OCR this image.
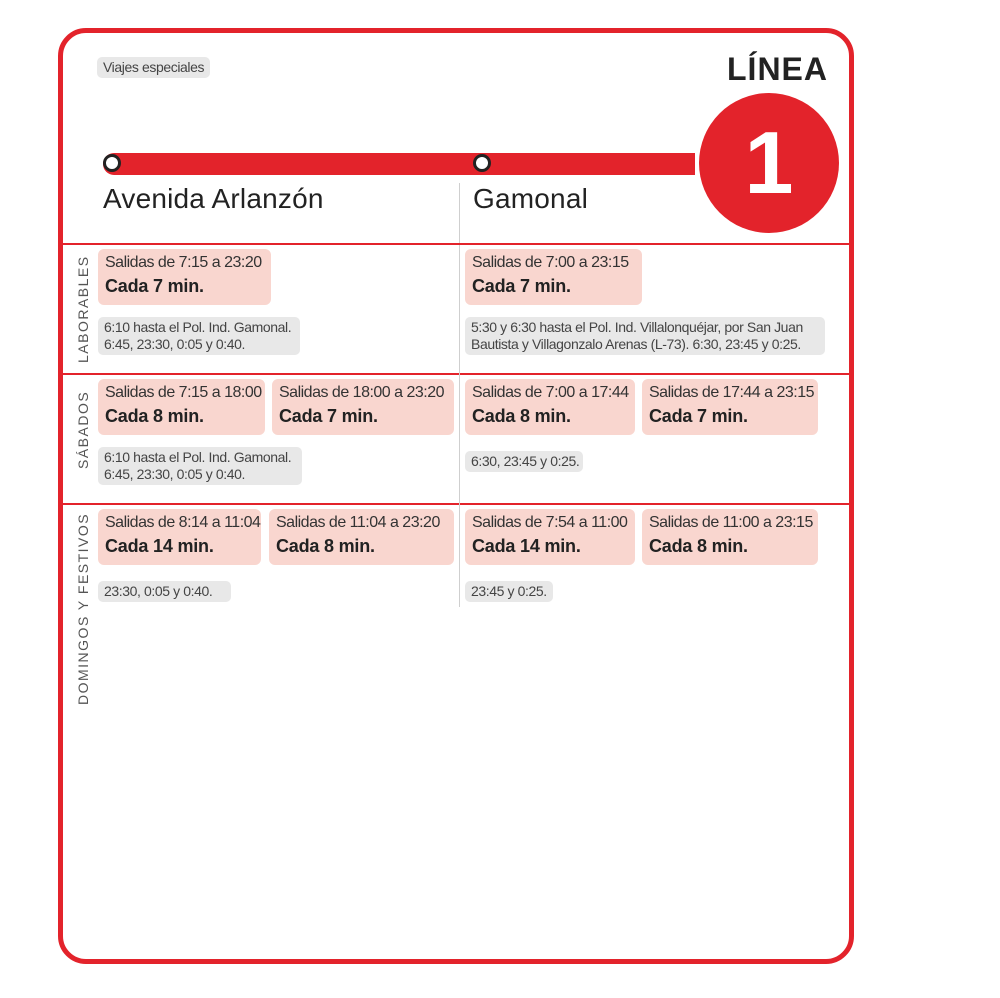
Viajes especiales	LÍNEA
1
Avenida Arlanzón	Gamonal
LABORABLES
SÁBADOS
DOMINGOS Y FESTIVOS
Salidas de 7:15 a 23:20
Cada 7 min.
6:10 hasta el Pol. Ind. Gamonal.
6:45, 23:30, 0:05 y 0:40.
Salidas de 7:00 a 23:15
Cada 7 min.
5:30 y 6:30 hasta el Pol. Ind. Villalonquéjar, por San Juan
Bautista y Villagonzalo Arenas (L-73). 6:30, 23:45 y 0:25.
Salidas de 7:15 a 18:00
Cada 8 min.
Salidas de 18:00 a 23:20
Cada 7 min.
6:10 hasta el Pol. Ind. Gamonal.
6:45, 23:30, 0:05 y 0:40.
Salidas de 7:00 a 17:44
Cada 8 min.
Salidas de 17:44 a 23:15
Cada 7 min.
6:30, 23:45 y 0:25.
Salidas de 8:14 a 11:04
Cada 14 min.
Salidas de 11:04 a 23:20
Cada 8 min.
23:30, 0:05 y 0:40.
Salidas de 7:54 a 11:00
Cada 14 min.
Salidas de 11:00 a 23:15
Cada 8 min.
23:45 y 0:25.
